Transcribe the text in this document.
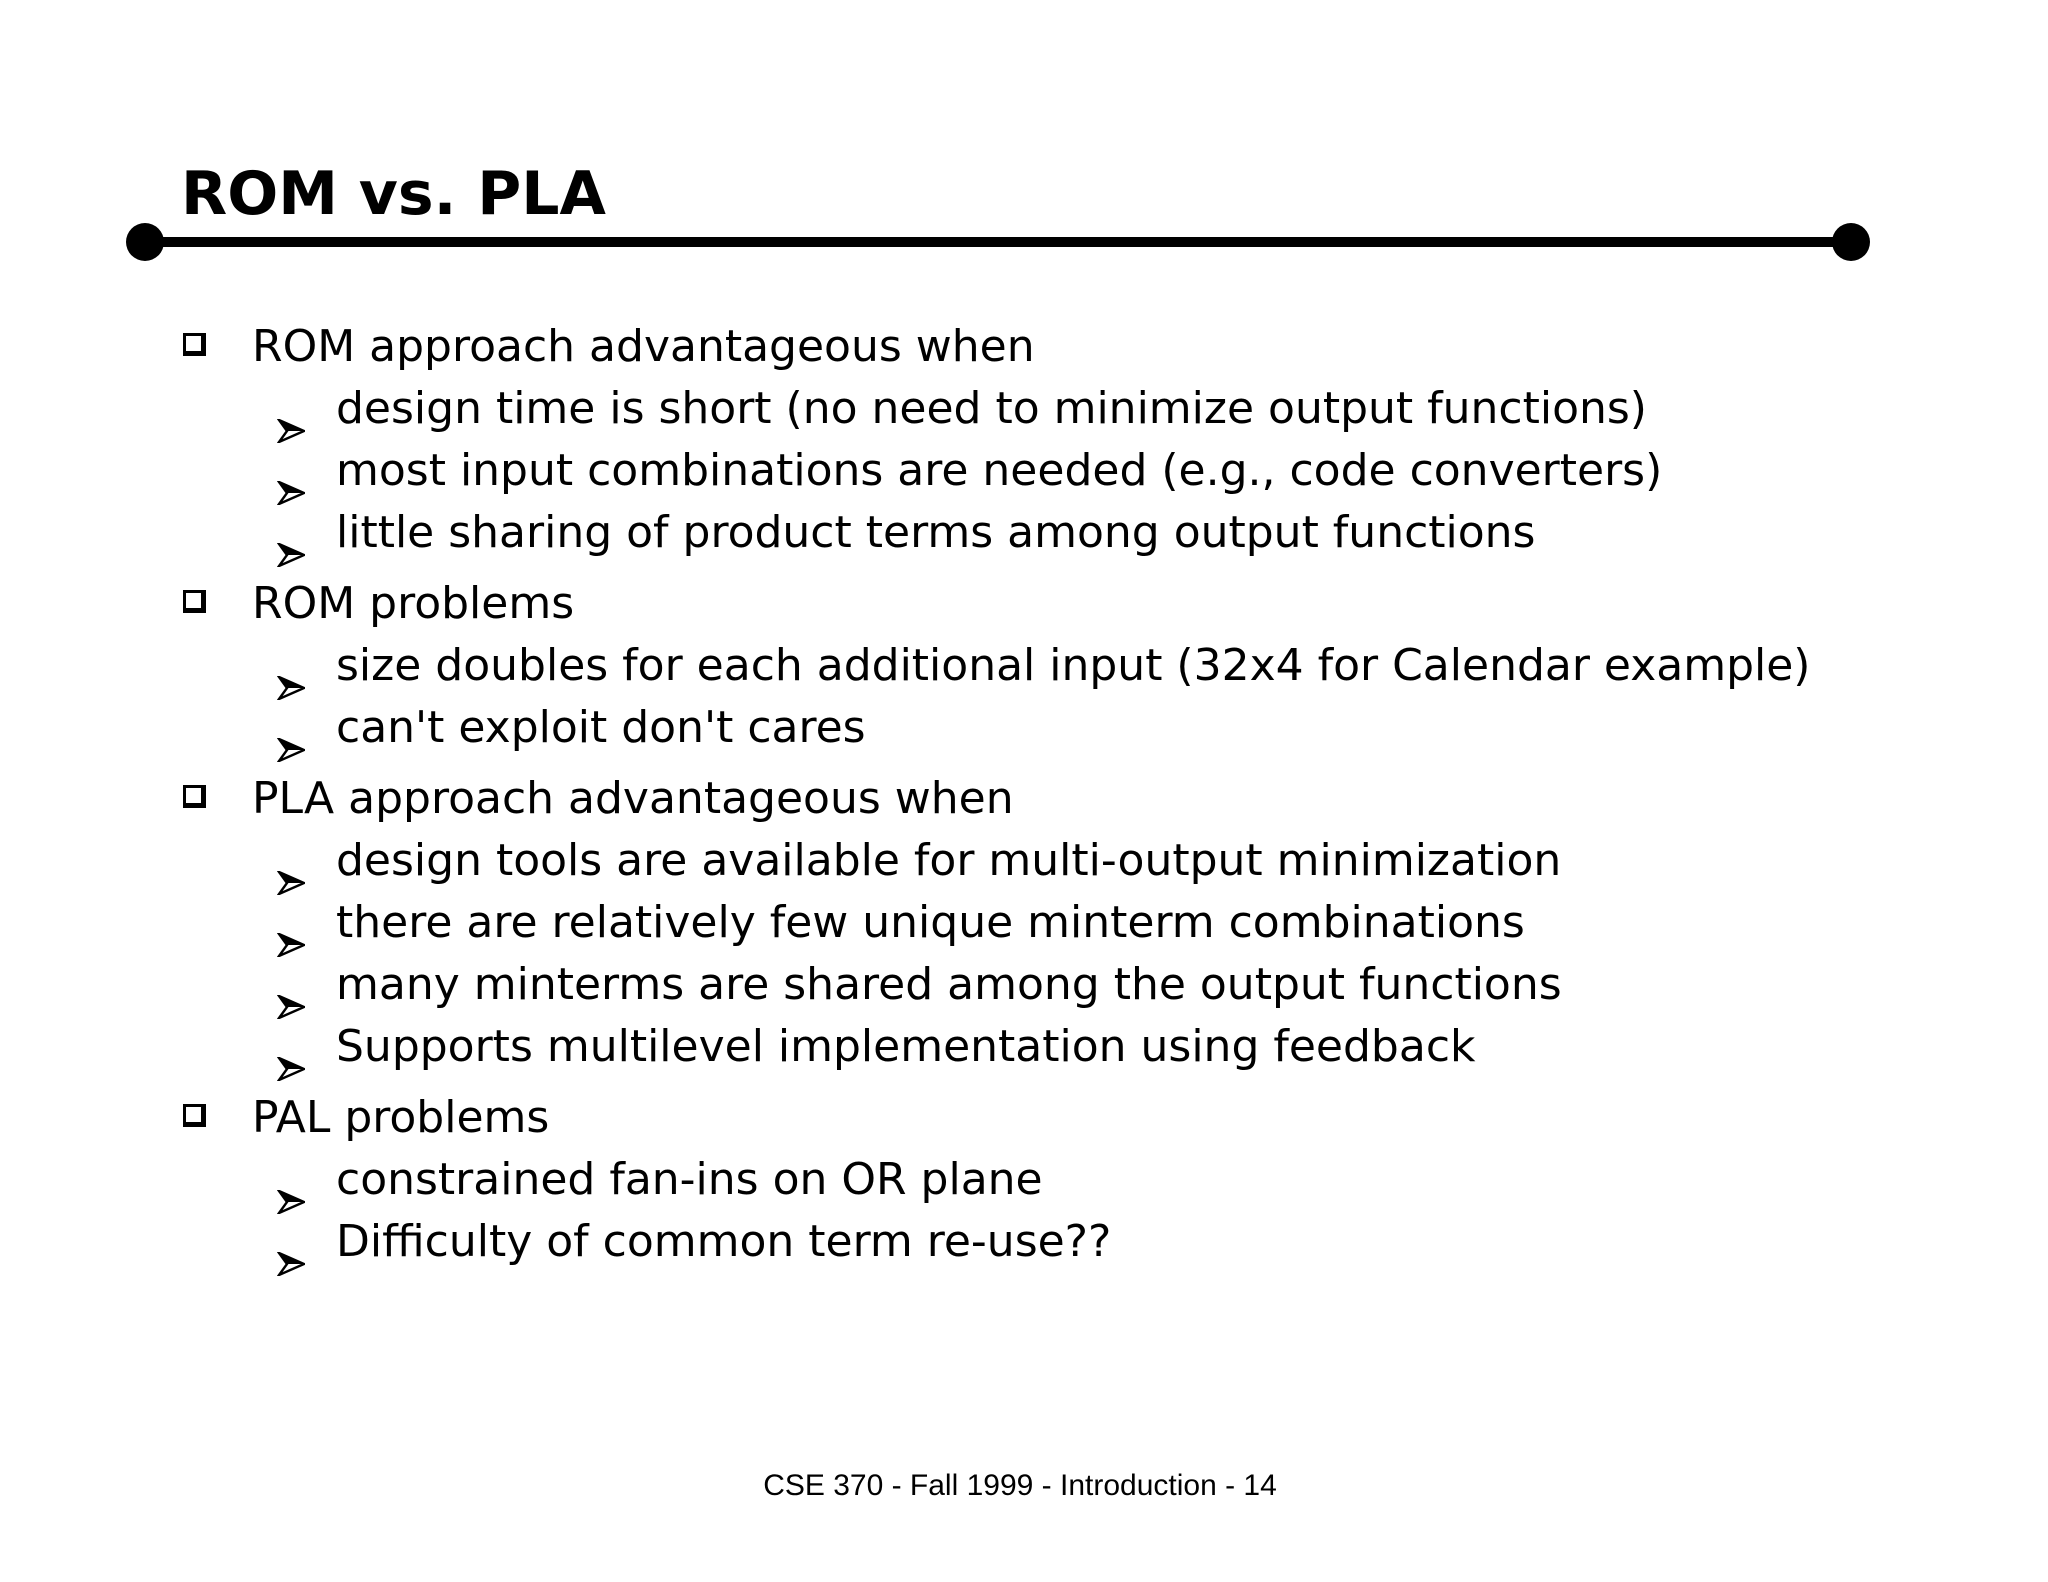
ROM vs. PLA
ROM approach advantageous when
design time is short (no need to minimize output functions)
most input combinations are needed (e.g., code converters)
little sharing of product terms among output functions
ROM problems
size doubles for each additional input (32x4 for Calendar example)
can't exploit don't cares
PLA approach advantageous when
design tools are available for multi-output minimization
there are relatively few unique minterm combinations
many minterms are shared among the output functions
Supports multilevel implementation using feedback
PAL problems
constrained fan-ins on OR plane
Difficulty of common term re-use??
CSE 370 - Fall 1999 - Introduction - 14
